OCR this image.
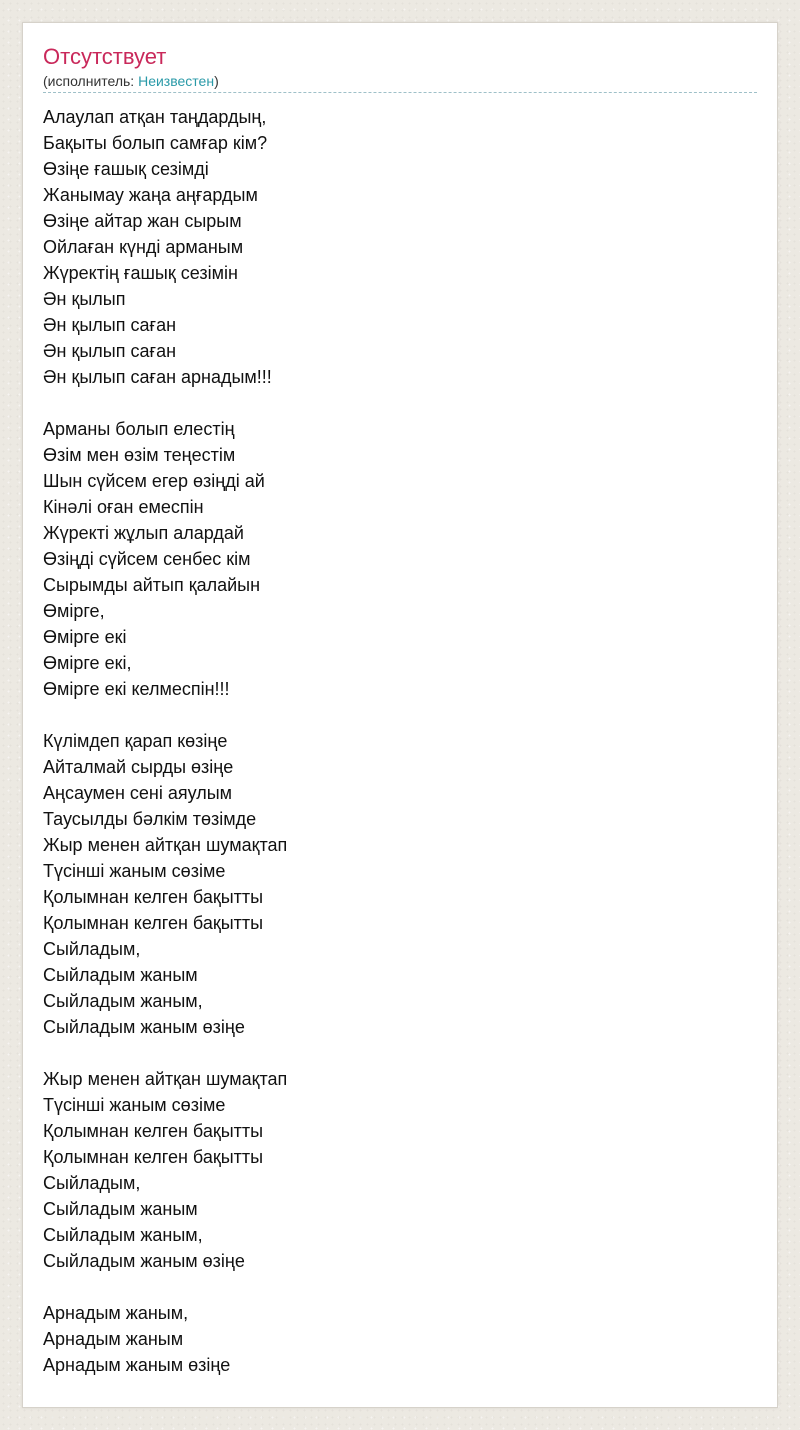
Отсутствует
(исполнитель: Неизвестен)
Алаулап атқан таңдардың,
Бақыты болып самғар кім?
Өзіңе ғашық сезімді
Жанымау жаңа аңғардым
Өзіңе айтар жан сырым
Ойлаған күнді арманым
Жүректің ғашық сезімін
Ән қылып
Ән қылып саған
Ән қылып саған
Ән қылып саған арнадым!!!
Арманы болып елестің
Өзім мен өзім теңестім
Шын сүйсем егер өзіңді ай
Кінәлі оған емеспін
Жүректі жұлып алардай
Өзіңді сүйсем сенбес кім
Сырымды айтып қалайын
Өмірге,
Өмірге екі
Өмірге екі,
Өмірге екі келмеспін!!!
Күлімдеп қарап көзіңе
Айталмай сырды өзіңе
Аңсаумен сені аяулым
Таусылды бәлкім төзімде
Жыр менен айтқан шумақтап
Түсінші жаным сөзіме
Қолымнан келген бақытты
Қолымнан келген бақытты
Сыйладым,
Сыйладым жаным
Сыйладым жаным,
Сыйладым жаным өзіңе
Жыр менен айтқан шумақтап
Түсінші жаным сөзіме
Қолымнан келген бақытты
Қолымнан келген бақытты
Сыйладым,
Сыйладым жаным
Сыйладым жаным,
Сыйладым жаным өзіңе
Арнадым жаным,
Арнадым жаным
Арнадым жаным өзіңе
